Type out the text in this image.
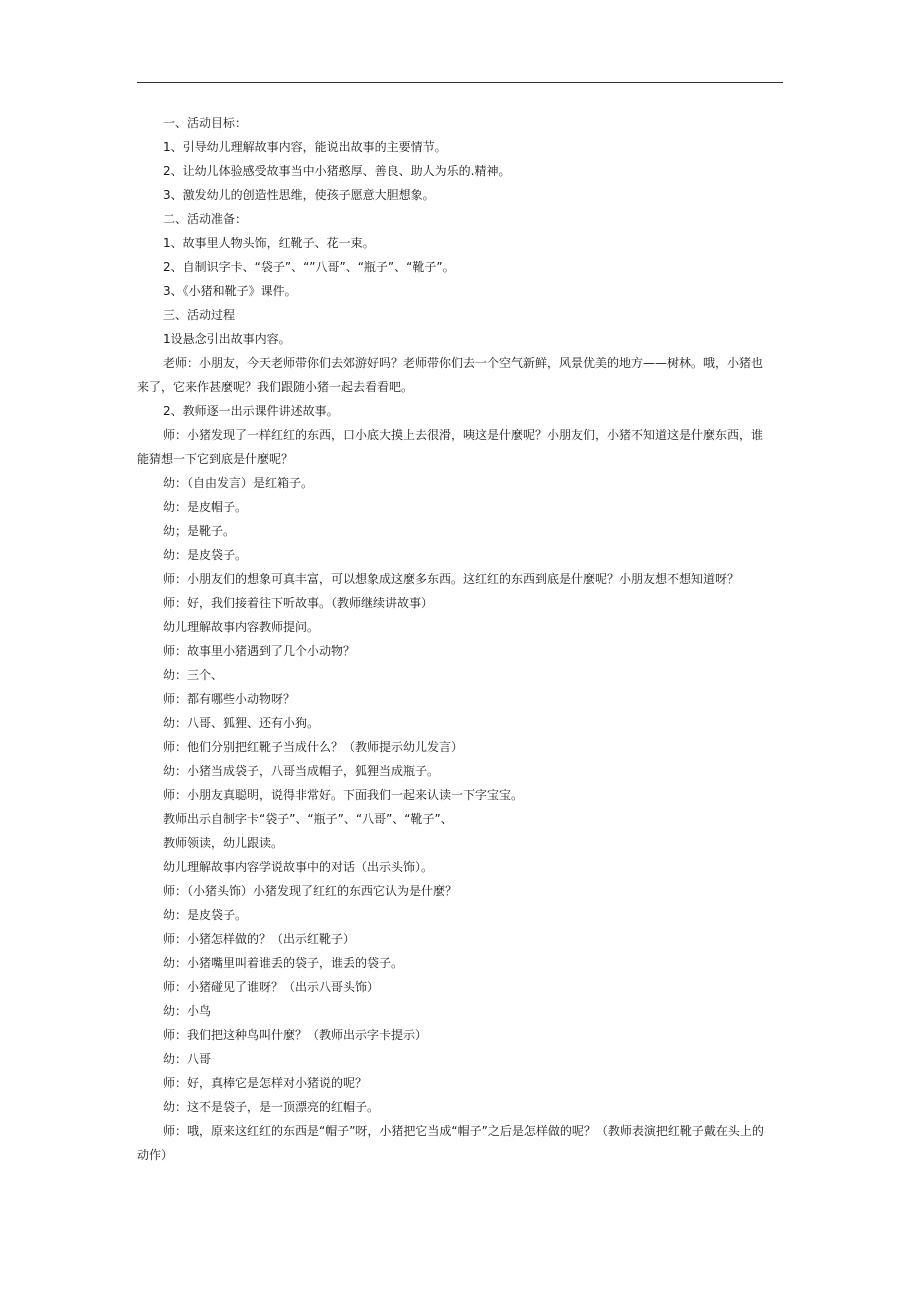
一、活动目标：
1、引导幼儿理解故事内容，能说出故事的主要情节。
2、让幼儿体验感受故事当中小猪憨厚、善良、助人为乐的.精神。
3、激发幼儿的创造性思维，使孩子愿意大胆想象。
二、活动准备：
1、故事里人物头饰，红靴子、花一束。
2、自制识字卡、“袋子”、“”八哥”、“瓶子”、“靴子”。
3、《小猪和靴子》课件。
三、活动过程
1设悬念引出故事内容。
老师：小朋友，今天老师带你们去郊游好吗？老师带你们去一个空气新鲜，风景优美的地方——树林。哦，小猪也
来了，它来作甚麼呢？我们跟随小猪一起去看看吧。
2、教师逐一出示课件讲述故事。
师：小猪发现了一样红红的东西，口小底大摸上去很滑，咦这是什麼呢？小朋友们，小猪不知道这是什麼东西，谁
能猜想一下它到底是什麼呢？
幼：（自由发言）是红箱子。
幼：是皮帽子。
幼；是靴子。
幼：是皮袋子。
师：小朋友们的想象可真丰富，可以想象成这麼多东西。这红红的东西到底是什麼呢？小朋友想不想知道呀？
师：好，我们接着往下听故事。（教师继续讲故事）
幼儿理解故事内容教师提问。
师：故事里小猪遇到了几个小动物？
幼：三个、
师：都有哪些小动物呀？
幼：八哥、狐狸、还有小狗。
师：他们分别把红靴子当成什么？（教师提示幼儿发言）
幼：小猪当成袋子，八哥当成帽子，狐狸当成瓶子。
师：小朋友真聪明，说得非常好。下面我们一起来认读一下字宝宝。
教师出示自制字卡“袋子”、“瓶子”、“八哥”、“靴子”、
教师领读，幼儿跟读。
幼儿理解故事内容学说故事中的对话（出示头饰）。
师：（小猪头饰）小猪发现了红红的东西它认为是什麼？
幼：是皮袋子。
师：小猪怎样做的？（出示红靴子）
幼：小猪嘴里叫着谁丢的袋子，谁丢的袋子。
师：小猪碰见了谁呀？（出示八哥头饰）
幼：小鸟
师：我们把这种鸟叫什麼？（教师出示字卡提示）
幼：八哥
师：好，真棒它是怎样对小猪说的呢？
幼：这不是袋子，是一顶漂亮的红帽子。
师：哦，原来这红红的东西是“帽子”呀，小猪把它当成“帽子”之后是怎样做的呢？（教师表演把红靴子戴在头上的
动作）
